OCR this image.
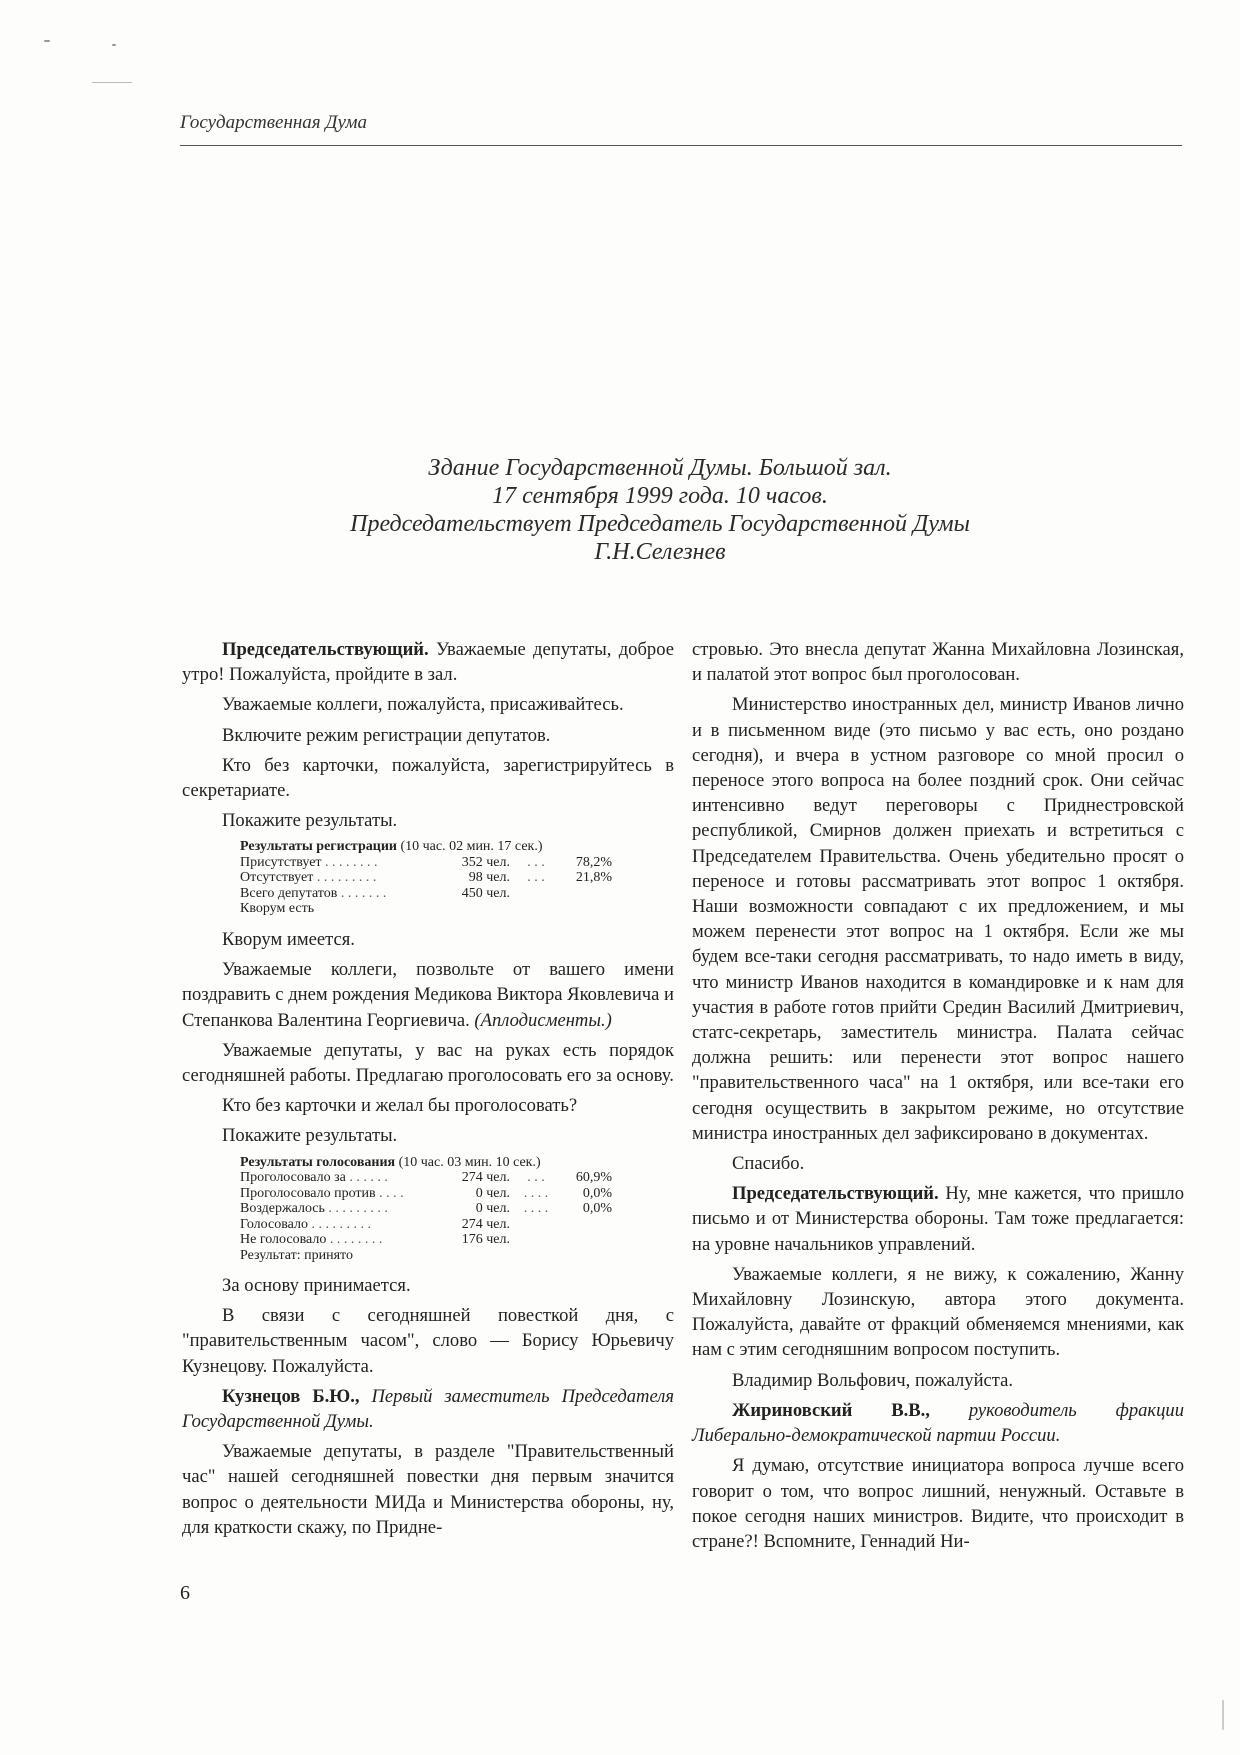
Государственная Дума
Здание Государственной Думы. Большой зал.
17 сентября 1999 года. 10 часов.
Председательствует Председатель Государственной Думы
Г.Н.Селезнев

Председательствующий. Уважаемые депутаты, доброе утро! Пожалуйста, пройдите в зал.

Уважаемые коллеги, пожалуйста, присаживайтесь.

Включите режим регистрации депутатов.

Кто без карточки, пожалуйста, зарегистрируйтесь в секретариате.

Покажите результаты.

Результаты регистрации (10 час. 02 мин. 17 сек.)
Присутствует . . . . . . . .	352 чел.	. . .	78,2%
Отсутствует . . . . . . . . .	98 чел.	. . .	21,8%
Всего депутатов . . . . . . .	450 чел.
Кворум есть

Кворум имеется.

Уважаемые коллеги, позвольте от вашего имени поздравить с днем рождения Медикова Виктора Яковлевича и Степанкова Валентина Георгиевича. (Аплодисменты.)

Уважаемые депутаты, у вас на руках есть порядок сегодняшней работы. Предлагаю проголосовать его за основу.

Кто без карточки и желал бы проголосовать?

Покажите результаты.

Результаты голосования (10 час. 03 мин. 10 сек.)
Проголосовало за . . . . . .	274 чел.	. . .	60,9%
Проголосовало против . . . .	0 чел. . . . .	0,0%
Воздержалось . . . . . . . . .	0 чел. . . . .	0,0%
Голосовало . . . . . . . . .	274 чел.
Не голосовало . . . . . . . .	176 чел.
Результат: принято

За основу принимается.

В связи с сегодняшней повесткой дня, с "правительственным часом", слово — Борису Юрьевичу Кузнецову. Пожалуйста.

Кузнецов Б.Ю., Первый заместитель Председателя Государственной Думы.

Уважаемые депутаты, в разделе "Правительственный час" нашей сегодняшней повестки дня первым значится вопрос о деятельности МИДа и Министерства обороны, ну, для краткости скажу, по Придне-

стровью. Это внесла депутат Жанна Михайловна Лозинская, и палатой этот вопрос был проголосован.

Министерство иностранных дел, министр Иванов лично и в письменном виде (это письмо у вас есть, оно роздано сегодня), и вчера в устном разговоре со мной просил о переносе этого вопроса на более поздний срок. Они сейчас интенсивно ведут переговоры с Приднестровской республикой, Смирнов должен приехать и встретиться с Председателем Правительства. Очень убедительно просят о переносе и готовы рассматривать этот вопрос 1 октября. Наши возможности совпадают с их предложением, и мы можем перенести этот вопрос на 1 октября. Если же мы будем все-таки сегодня рассматривать, то надо иметь в виду, что министр Иванов находится в командировке и к нам для участия в работе готов прийти Средин Василий Дмитриевич, статс-секретарь, заместитель министра. Палата сейчас должна решить: или перенести этот вопрос нашего "правительственного часа" на 1 октября, или все-таки его сегодня осуществить в закрытом режиме, но отсутствие министра иностранных дел зафиксировано в документах.

Спасибо.

Председательствующий. Ну, мне кажется, что пришло письмо и от Министерства обороны. Там тоже предлагается: на уровне начальников управлений.

Уважаемые коллеги, я не вижу, к сожалению, Жанну Михайловну Лозинскую, автора этого документа. Пожалуйста, давайте от фракций обменяемся мнениями, как нам с этим сегодняшним вопросом поступить.

Владимир Вольфович, пожалуйста.

Жириновский В.В., руководитель фракции Либерально-демократической партии России.

Я думаю, отсутствие инициатора вопроса лучше всего говорит о том, что вопрос лишний, ненужный. Оставьте в покое сегодня наших министров. Видите, что происходит в стране?! Вспомните, Геннадий Ни-

6
